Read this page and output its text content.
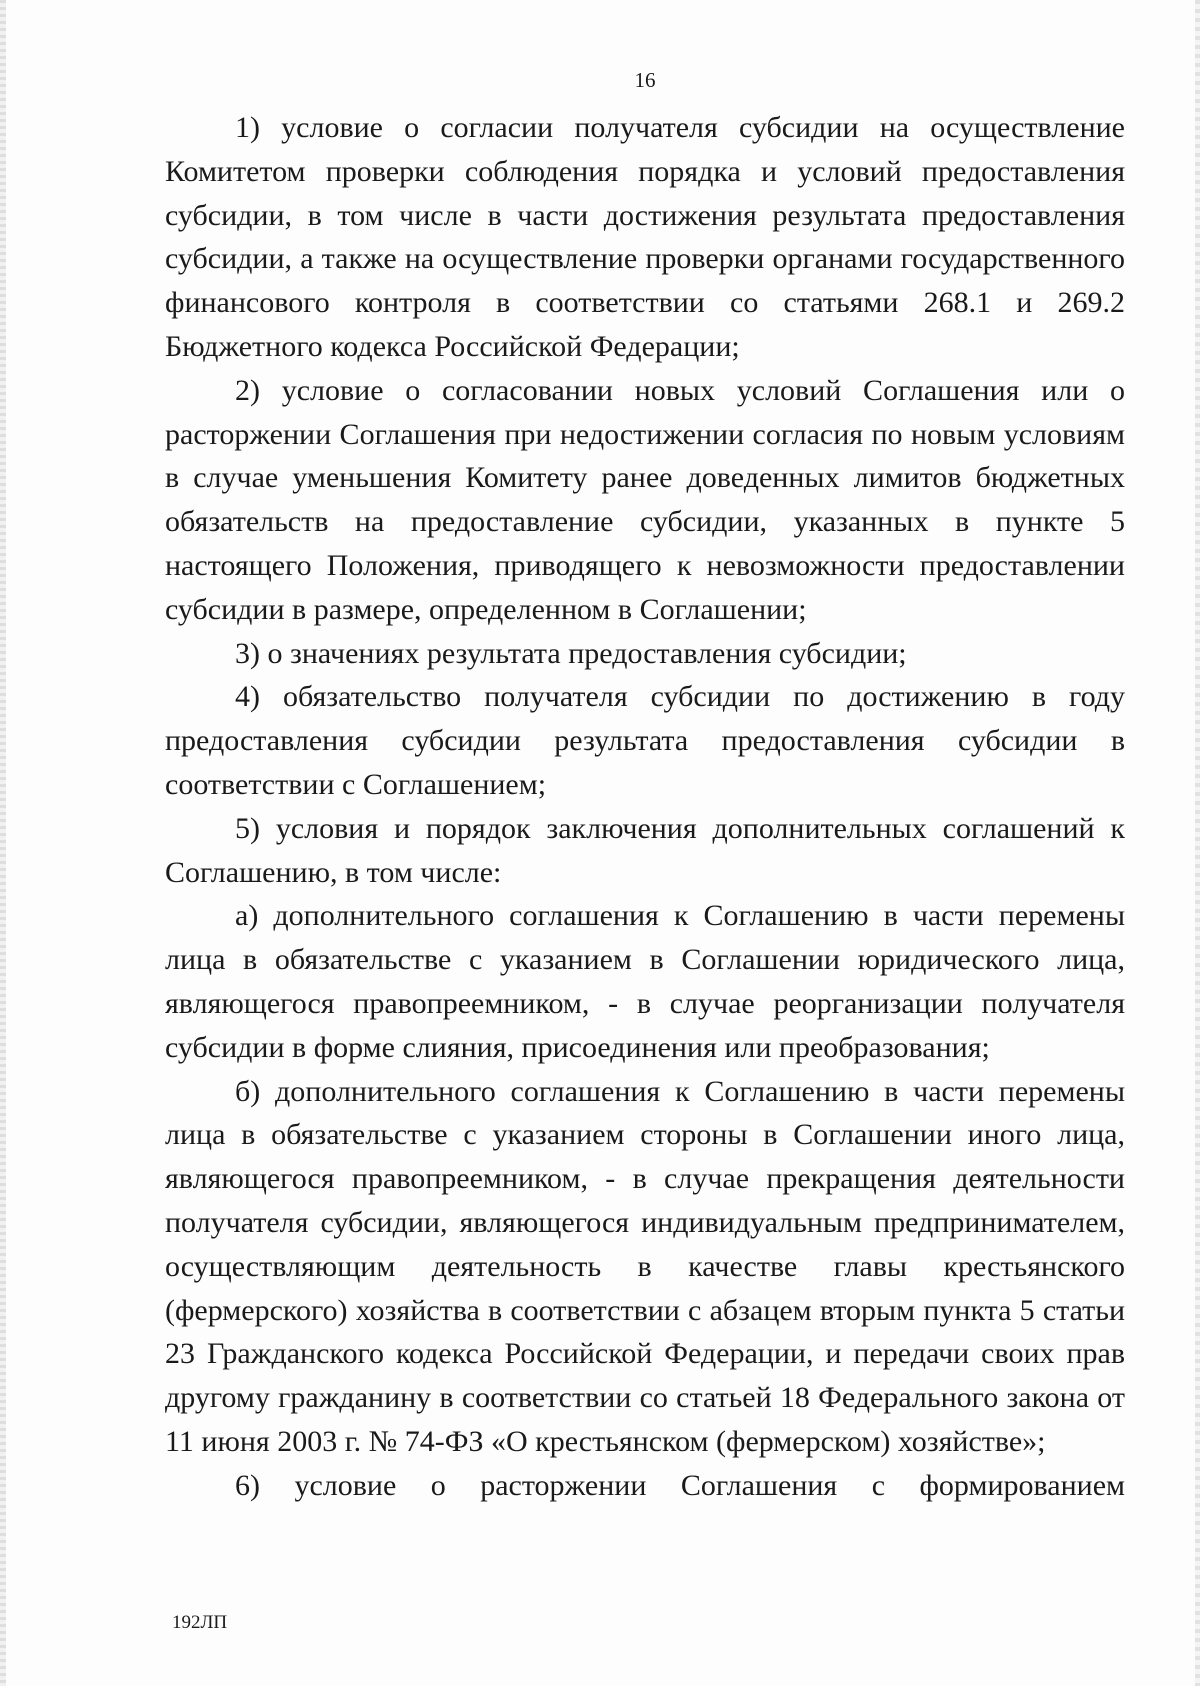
16

1) условие о согласии получателя субсидии на осуществление Комитетом проверки соблюдения порядка и условий предоставления субсидии, в том числе в части достижения результата предоставления субсидии, а также на осуществление проверки органами государственного финансового контроля в соответствии со статьями 268.1 и 269.2 Бюджетного кодекса Российской Федерации;

2) условие о согласовании новых условий Соглашения или о расторжении Соглашения при недостижении согласия по новым условиям в случае уменьшения Комитету ранее доведенных лимитов бюджетных обязательств на предоставление субсидии, указанных в пункте 5 настоящего Положения, приводящего к невозможности предоставлении субсидии в размере, определенном в Соглашении;

3) о значениях результата предоставления субсидии;

4) обязательство получателя субсидии по достижению в году предоставления субсидии результата предоставления субсидии в соответствии с Соглашением;

5) условия и порядок заключения дополнительных соглашений к Соглашению, в том числе:

а) дополнительного соглашения к Соглашению в части перемены лица в обязательстве с указанием в Соглашении юридического лица, являющегося правопреемником, - в случае реорганизации получателя субсидии в форме слияния, присоединения или преобразования;

б) дополнительного соглашения к Соглашению в части перемены лица в обязательстве с указанием стороны в Соглашении иного лица, являющегося правопреемником, - в случае прекращения деятельности получателя субсидии, являющегося индивидуальным предпринимателем, осуществляющим деятельность в качестве главы крестьянского (фермерского) хозяйства в соответствии с абзацем вторым пункта 5 статьи 23 Гражданского кодекса Российской Федерации, и передачи своих прав другому гражданину в соответствии со статьей 18 Федерального закона от 11 июня 2003 г. № 74-ФЗ «О крестьянском (фермерском) хозяйстве»;

6) условие о расторжении Соглашения с формированием

192ЛП
